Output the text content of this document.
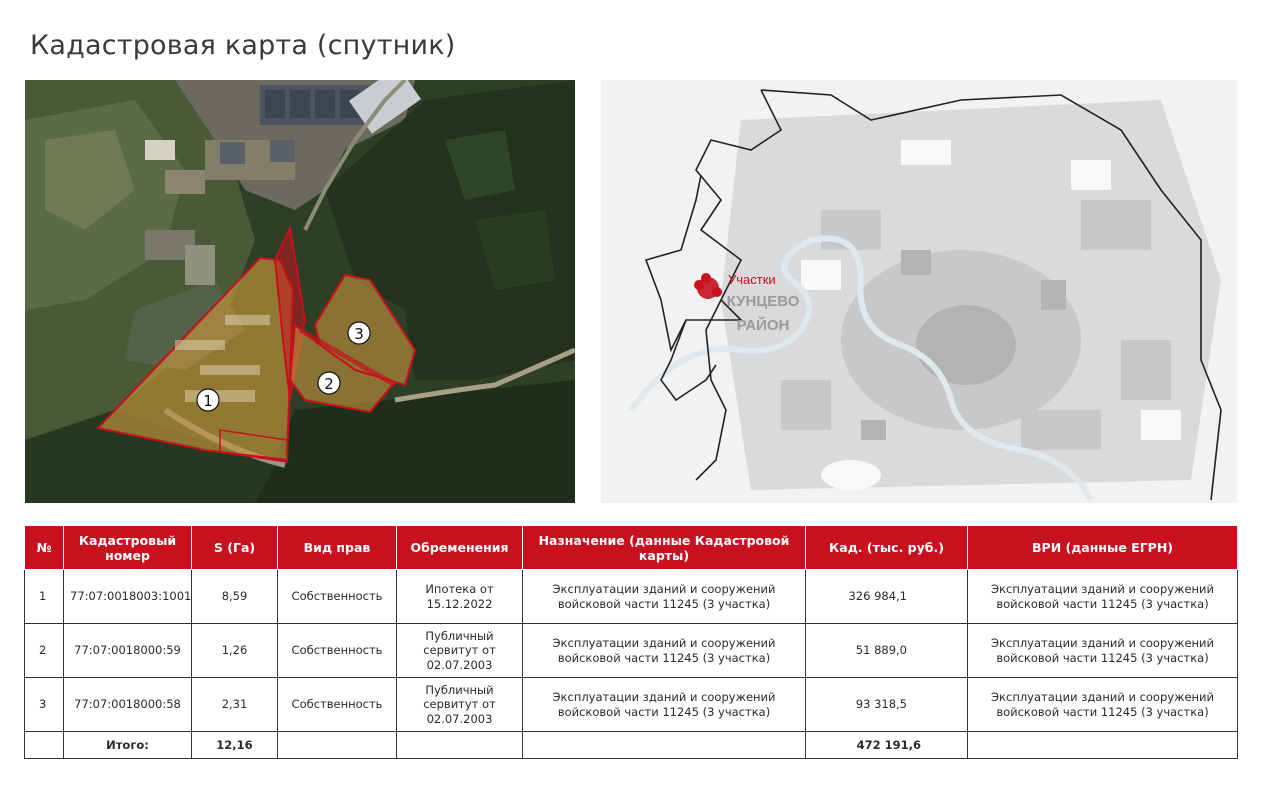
Кадастровая карта (спутник)
1
2
3
Участки
КУНЦЕВО
РАЙОН
№	Кадастровый номер	S (Га)	Вид прав	Обременения	Назначение (данные Кадастровой карты)	Кад. (тыс. руб.)	ВРИ (данные ЕГРН)
1	77:07:0018003:1001	8,59	Собственность	Ипотека от 15.12.2022	Эксплуатации зданий и сооружений войсковой части 11245 (3 участка)	326 984,1	Эксплуатации зданий и сооружений войсковой части 11245 (3 участка)
2	77:07:0018000:59	1,26	Собственность	Публичный сервитут от 02.07.2003	Эксплуатации зданий и сооружений войсковой части 11245 (3 участка)	51 889,0	Эксплуатации зданий и сооружений войсковой части 11245 (3 участка)
3	77:07:0018000:58	2,31	Собственность	Публичный сервитут от 02.07.2003	Эксплуатации зданий и сооружений войсковой части 11245 (3 участка)	93 318,5	Эксплуатации зданий и сооружений войсковой части 11245 (3 участка)
	Итого:	12,16				472 191,6	
